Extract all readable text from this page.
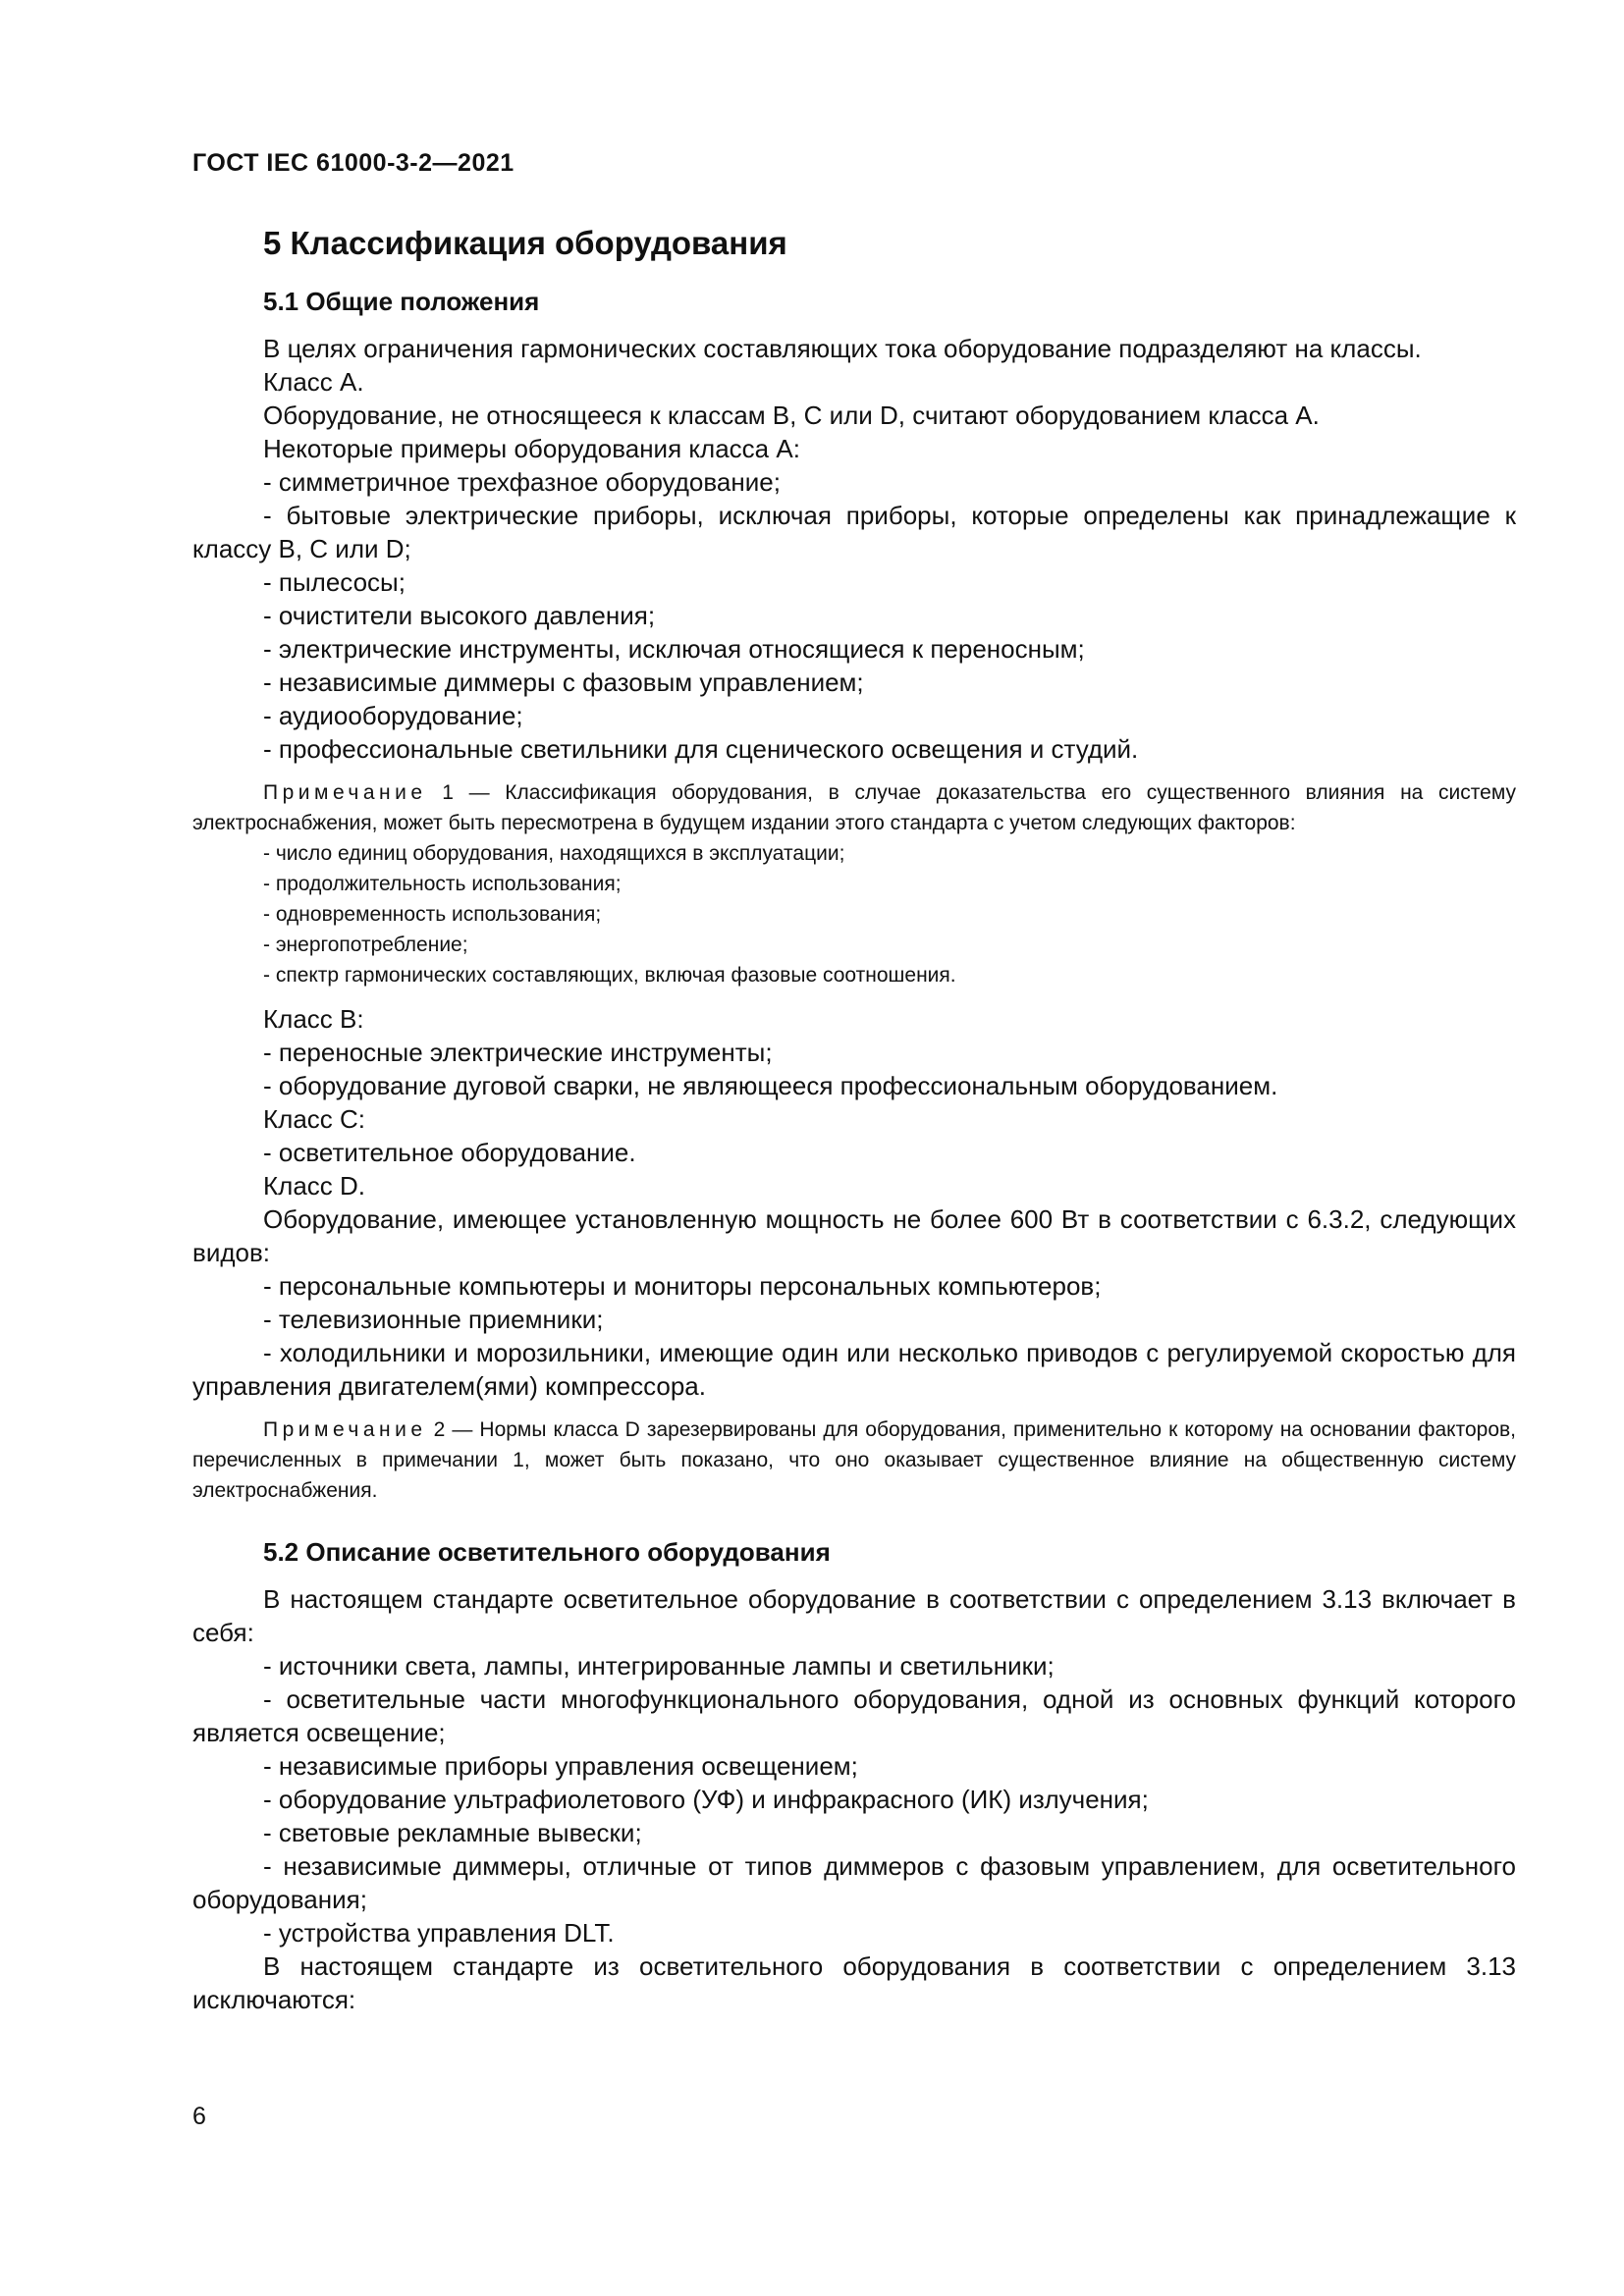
ГОСТ IEC 61000-3-2—2021
5 Классификация оборудования
5.1 Общие положения

В целях ограничения гармонических составляющих тока оборудование подразделяют на классы.

Класс А.

Оборудование, не относящееся к классам В, С или D, считают оборудованием класса А.

Некоторые примеры оборудования класса А:

- симметричное трехфазное оборудование;

- бытовые электрические приборы, исключая приборы, которые определены как принадлежащие к классу В, С или D;

- пылесосы;

- очистители высокого давления;

- электрические инструменты, исключая относящиеся к переносным;

- независимые диммеры с фазовым управлением;

- аудиооборудование;

- профессиональные светильники для сценического освещения и студий.

Примечание 1 — Классификация оборудования, в случае доказательства его существенного влияния на систему электроснабжения, может быть пересмотрена в будущем издании этого стандарта с учетом следующих факторов:

- число единиц оборудования, находящихся в эксплуатации;

- продолжительность использования;

- одновременность использования;

- энергопотребление;

- спектр гармонических составляющих, включая фазовые соотношения.

Класс В:

- переносные электрические инструменты;

- оборудование дуговой сварки, не являющееся профессиональным оборудованием.

Класс С:

- осветительное оборудование.

Класс D.

Оборудование, имеющее установленную мощность не более 600 Вт в соответствии с 6.3.2, следующих видов:

- персональные компьютеры и мониторы персональных компьютеров;

- телевизионные приемники;

- холодильники и морозильники, имеющие один или несколько приводов с регулируемой скоростью для управления двигателем(ями) компрессора.

Примечание 2 — Нормы класса D зарезервированы для оборудования, применительно к которому на основании факторов, перечисленных в примечании 1, может быть показано, что оно оказывает существенное влияние на общественную систему электроснабжения.

5.2 Описание осветительного оборудования

В настоящем стандарте осветительное оборудование в соответствии с определением 3.13 включает в себя:

- источники света, лампы, интегрированные лампы и светильники;

- осветительные части многофункционального оборудования, одной из основных функций которого является освещение;

- независимые приборы управления освещением;

- оборудование ультрафиолетового (УФ) и инфракрасного (ИК) излучения;

- световые рекламные вывески;

- независимые диммеры, отличные от типов диммеров с фазовым управлением, для осветительного оборудования;

- устройства управления DLT.

В настоящем стандарте из осветительного оборудования в соответствии с определением 3.13 исключаются:

6
